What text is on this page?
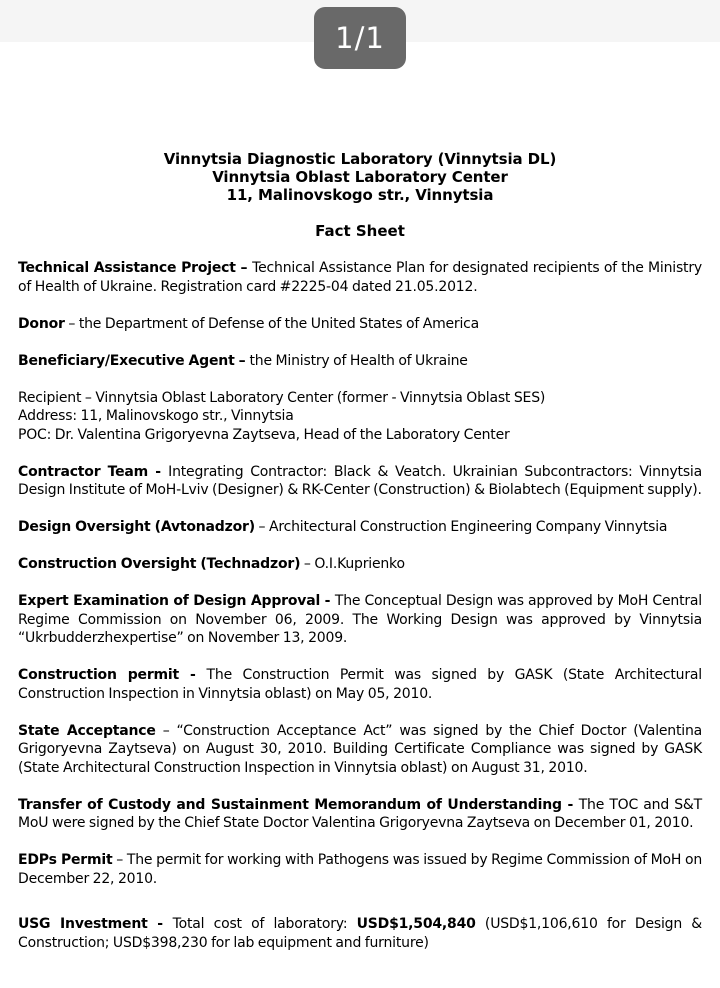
1/1
Vinnytsia Diagnostic Laboratory (Vinnytsia DL)
Vinnytsia Oblast Laboratory Center
11, Malinovskogo str., Vinnytsia
Fact Sheet
Technical Assistance Project – Technical Assistance Plan for designated recipients of the Ministry of Health of Ukraine. Registration card #2225-04 dated 21.05.2012.
Donor – the Department of Defense of the United States of America
Beneficiary/Executive Agent – the Ministry of Health of Ukraine
Recipient – Vinnytsia Oblast Laboratory Center (former - Vinnytsia Oblast SES)
Address: 11, Malinovskogo str., Vinnytsia
POC: Dr. Valentina Grigoryevna Zaytseva, Head of the Laboratory Center
Contractor Team - Integrating Contractor: Black & Veatch. Ukrainian Subcontractors: Vinnytsia Design Institute of MoH-Lviv (Designer) & RK-Center (Construction) & Biolabtech (Equipment supply).
Design Oversight (Avtonadzor) – Architectural Construction Engineering Company Vinnytsia
Construction Oversight (Technadzor) – O.I.Kuprienko
Expert Examination of Design Approval - The Conceptual Design was approved by MoH Central Regime Commission on November 06, 2009. The Working Design was approved by Vinnytsia “Ukrbudderzhexpertise” on November 13, 2009.
Construction permit - The Construction Permit was signed by GASK (State Architectural Construction Inspection in Vinnytsia oblast) on May 05, 2010.
State Acceptance – “Construction Acceptance Act” was signed by the Chief Doctor (Valentina Grigoryevna Zaytseva) on August 30, 2010. Building Certificate Compliance was signed by GASK (State Architectural Construction Inspection in Vinnytsia oblast) on August 31, 2010.
Transfer of Custody and Sustainment Memorandum of Understanding - The TOC and S&T MoU were signed by the Chief State Doctor Valentina Grigoryevna Zaytseva on December 01, 2010.
EDPs Permit – The permit for working with Pathogens was issued by Regime Commission of MoH on December 22, 2010.
USG Investment - Total cost of laboratory: USD$1,504,840 (USD$1,106,610 for Design & Construction; USD$398,230 for lab equipment and furniture)
